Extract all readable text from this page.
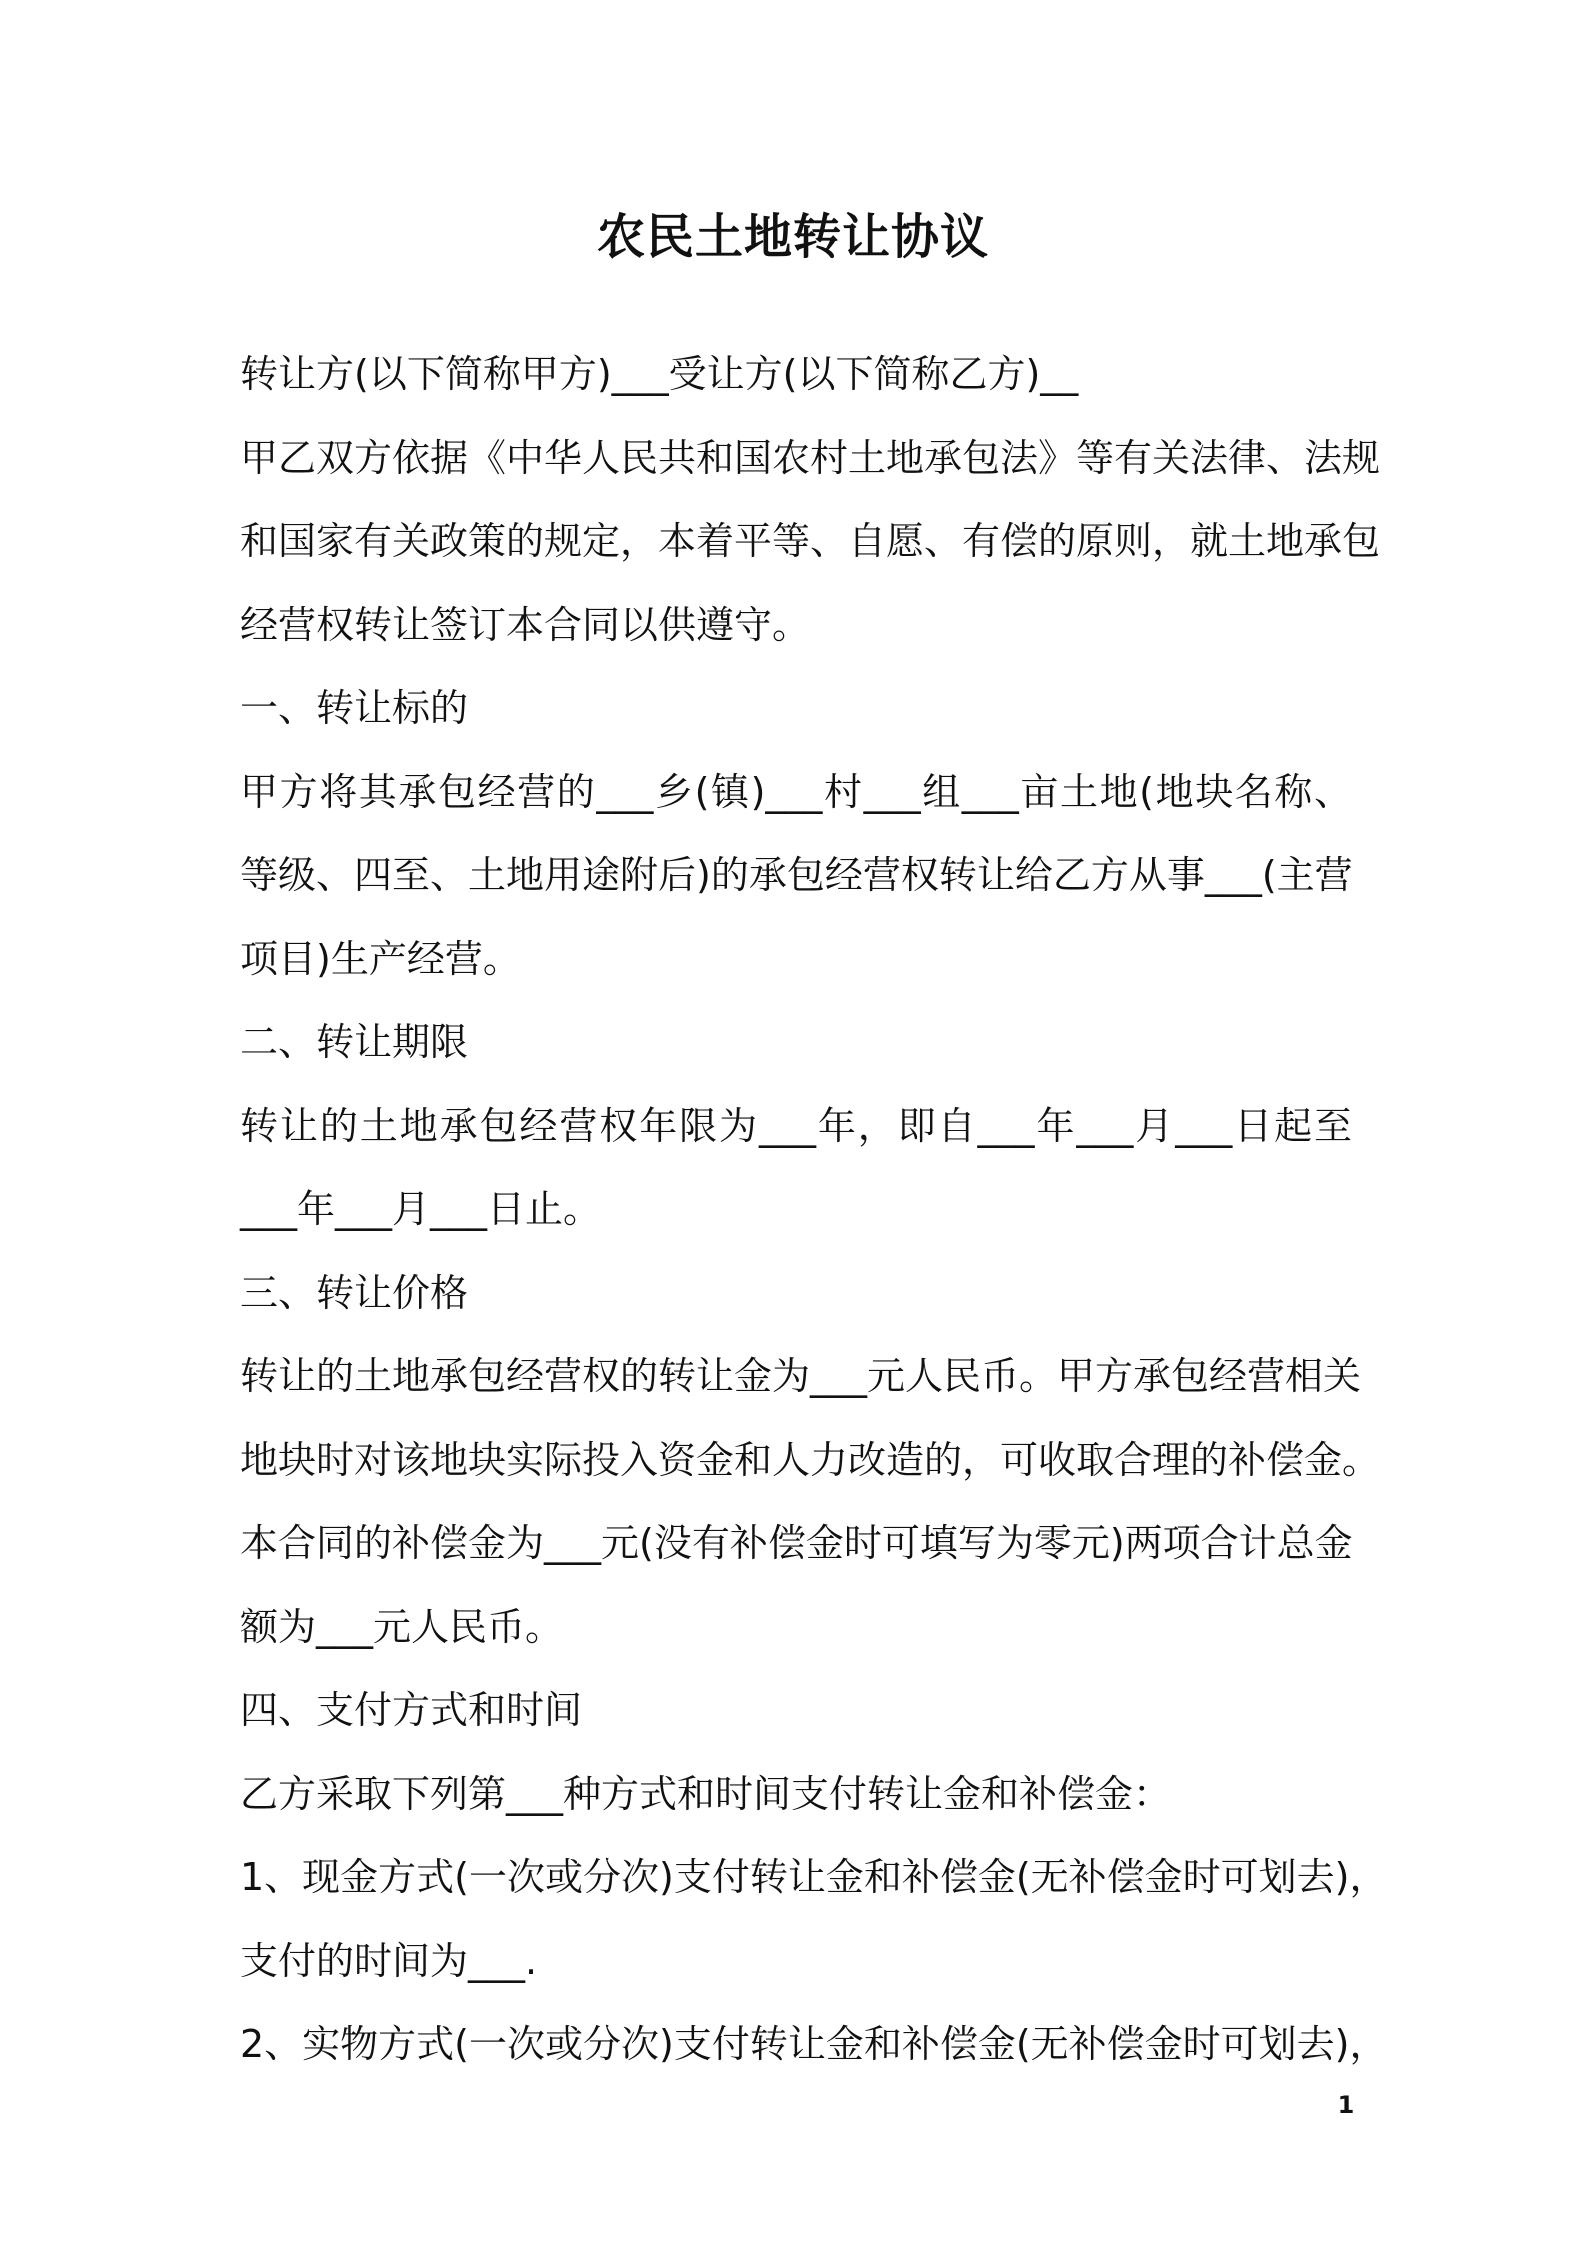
农民土地转让协议
转让方(以下简称甲方)___受让方(以下简称乙方)__
甲乙双方依据《中华人民共和国农村土地承包法》等有关法律、法规
和国家有关政策的规定，本着平等、自愿、有偿的原则，就土地承包
经营权转让签订本合同以供遵守。
一、转让标的
甲方将其承包经营的___乡(镇)___村___组___亩土地(地块名称、
等级、四至、土地用途附后)的承包经营权转让给乙方从事___(主营
项目)生产经营。
二、转让期限
转让的土地承包经营权年限为___年，即自___年___月___日起至
___年___月___日止。
三、转让价格
转让的土地承包经营权的转让金为___元人民币。甲方承包经营相关
地块时对该地块实际投入资金和人力改造的，可收取合理的补偿金。
本合同的补偿金为___元(没有补偿金时可填写为零元)两项合计总金
额为___元人民币。
四、支付方式和时间
乙方采取下列第___种方式和时间支付转让金和补偿金：
1、现金方式(一次或分次)支付转让金和补偿金(无补偿金时可划去)，
支付的时间为___.
2、实物方式(一次或分次)支付转让金和补偿金(无补偿金时可划去)，
1
